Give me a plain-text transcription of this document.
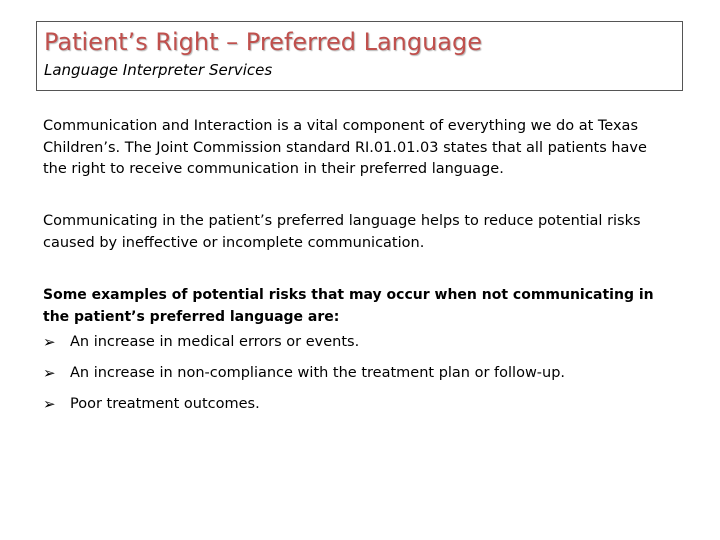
Patient’s Right – Preferred Language

Language Interpreter Services

Communication and Interaction is a vital component of everything we do at Texas Children’s. The Joint Commission standard RI.01.01.03 states that all patients have the right to receive communication in their preferred language.

Communicating in the patient’s preferred language helps to reduce potential risks caused by ineffective or incomplete communication.

Some examples of potential risks that may occur when not communicating in the patient’s preferred language are:

➢ An increase in medical errors or events.
➢ An increase in non-compliance with the treatment plan or follow-up.
➢ Poor treatment outcomes.
